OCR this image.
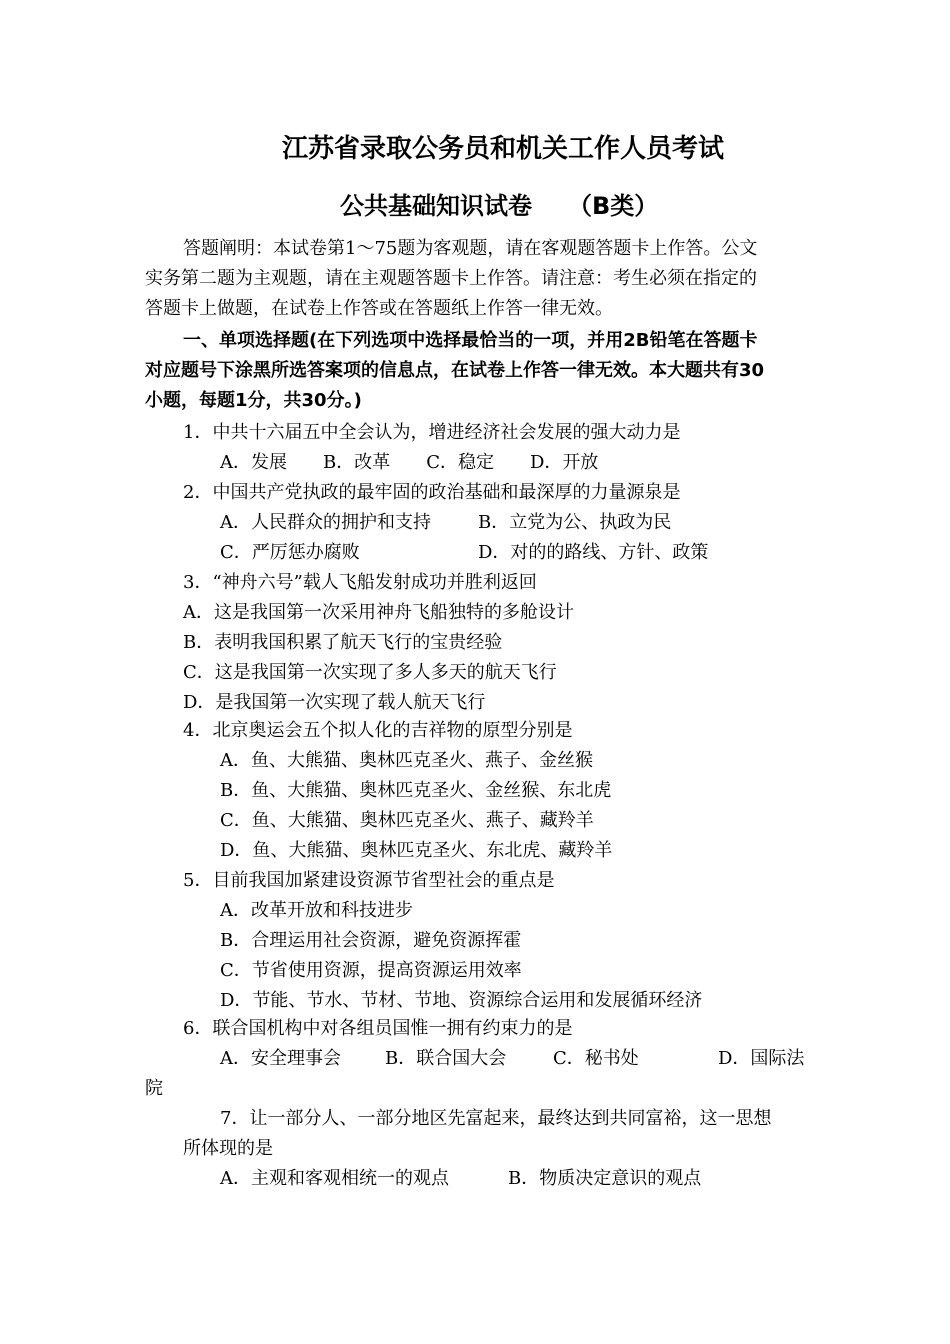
江苏省录取公务员和机关工作人员考试
公共基础知识试卷　　（B类）
答题阐明：本试卷第1～75题为客观题，请在客观题答题卡上作答。公文
实务第二题为主观题，请在主观题答题卡上作答。请注意：考生必须在指定的
答题卡上做题，在试卷上作答或在答题纸上作答一律无效。
一、单项选择题(在下列选项中选择最恰当的一项，并用2B铅笔在答题卡
对应题号下涂黑所选答案项的信息点，在试卷上作答一律无效。本大题共有30
小题，每题1分，共30分。)
1．中共十六届五中全会认为，增进经济社会发展的强大动力是
A．发展　　B．改革　　C．稳定　　D．开放
2．中国共产党执政的最牢固的政治基础和最深厚的力量源泉是
A．人民群众的拥护和支持	B．立党为公、执政为民
C．严厉惩办腐败	D．对的的路线、方针、政策
3．“神舟六号”载人飞船发射成功并胜利返回
A．这是我国第一次采用神舟飞船独特的多舱设计
B．表明我国积累了航天飞行的宝贵经验
C．这是我国第一次实现了多人多天的航天飞行
D．是我国第一次实现了载人航天飞行
4．北京奥运会五个拟人化的吉祥物的原型分别是
A．鱼、大熊猫、奥林匹克圣火、燕子、金丝猴
B．鱼、大熊猫、奥林匹克圣火、金丝猴、东北虎
C．鱼、大熊猫、奥林匹克圣火、燕子、藏羚羊
D．鱼、大熊猫、奥林匹克圣火、东北虎、藏羚羊
5．目前我国加紧建设资源节省型社会的重点是
A．改革开放和科技进步
B．合理运用社会资源，避免资源挥霍
C．节省使用资源，提高资源运用效率
D．节能、节水、节材、节地、资源综合运用和发展循环经济
6．联合国机构中对各组员国惟一拥有约束力的是
A．安全理事会 B．联合国大会	C．秘书处	D．国际法
院
7．让一部分人、一部分地区先富起来，最终达到共同富裕，这一思想
所体现的是
A．主观和客观相统一的观点	B．物质决定意识的观点
